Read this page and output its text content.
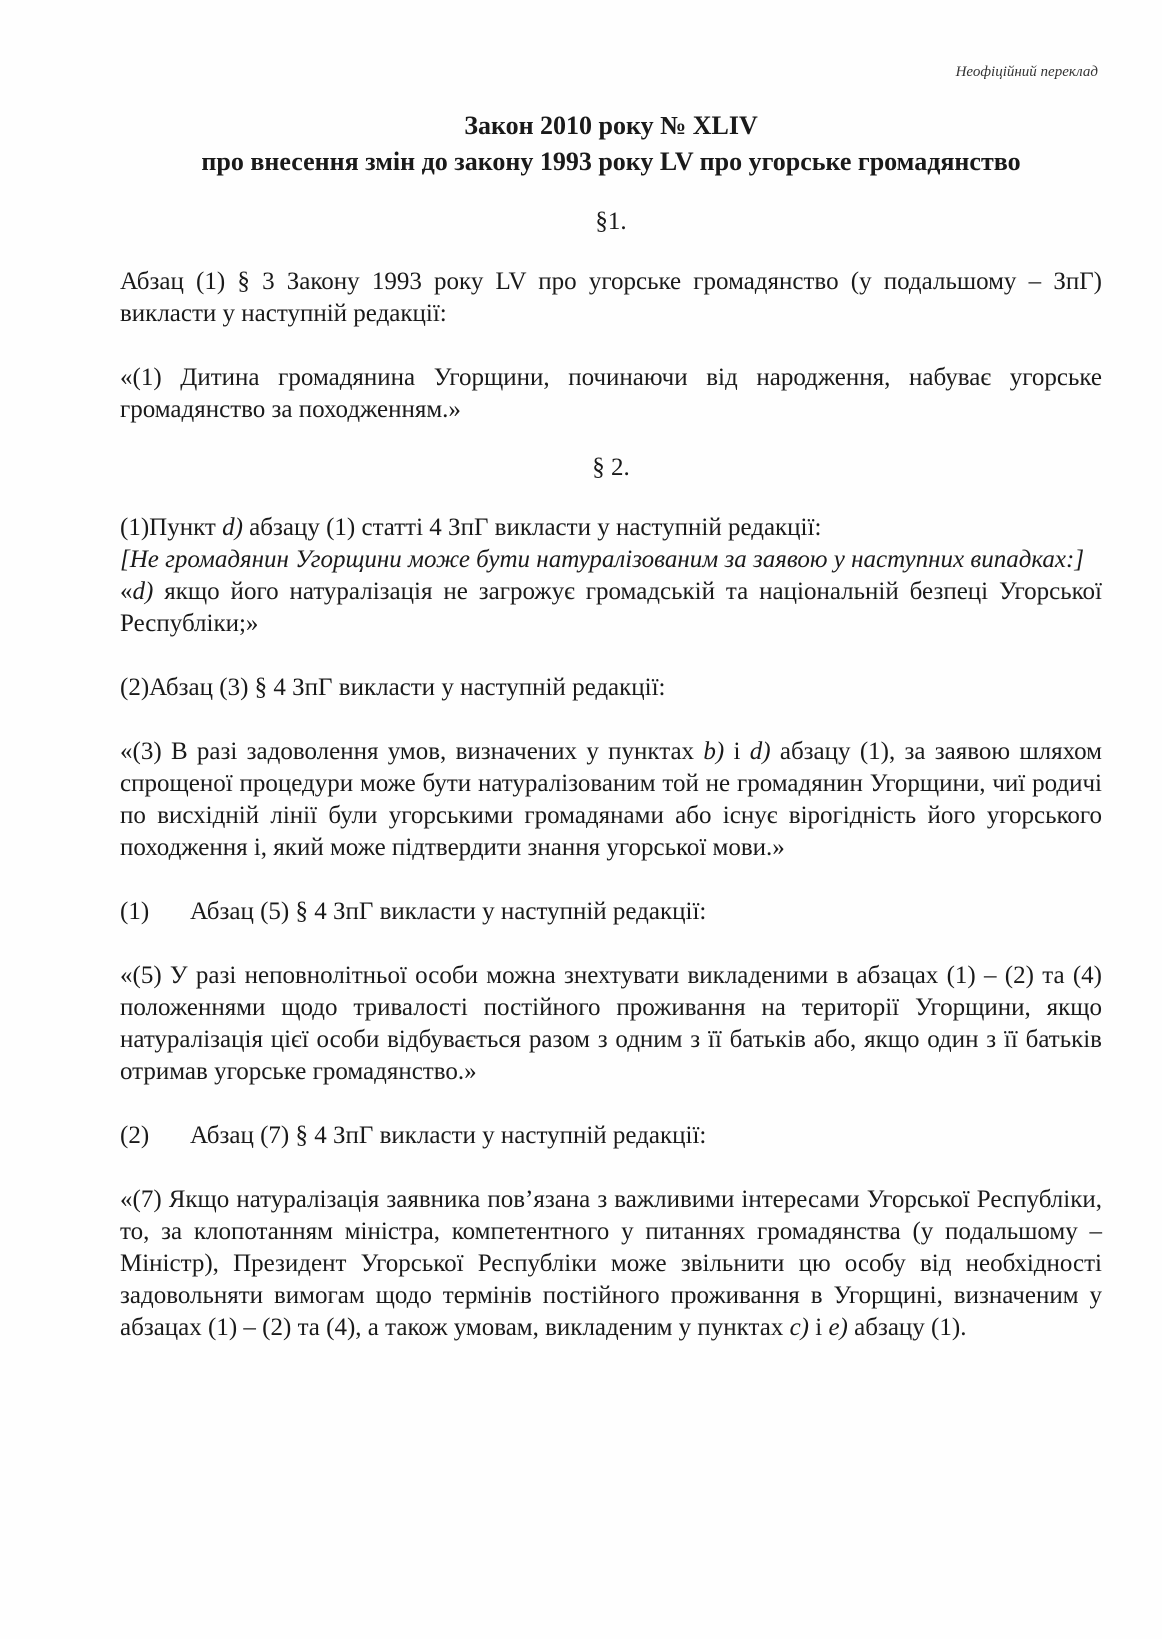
Неофіційний переклад
Закон 2010 року № XLIV
про внесення змін до закону 1993 року LV про угорське громадянство
§1.

Абзац (1) § 3 Закону 1993 року LV про угорське громадянство (у подальшому – ЗпГ) викласти у наступній редакції:

«(1) Дитина громадянина Угорщини, починаючи від народження, набуває угорське громадянство за походженням.»

§ 2.

(1)Пункт d) абзацу (1) статті 4 ЗпГ викласти у наступній редакції:

[Не громадянин Угорщини може бути натуралізованим за заявою у наступних випадках:]

«d) якщо його натуралізація не загрожує громадській та національній безпеці Угорської Республіки;»

(2)Абзац (3) § 4 ЗпГ викласти у наступній редакції:

«(3) В разі задоволення умов, визначених у пунктах b) і d) абзацу (1), за заявою шляхом спрощеної процедури може бути натуралізованим той не громадянин Угорщини, чиї родичі по висхідній лінії були угорськими громадянами або існує вірогідність його угорського походження і, який може підтвердити знання угорської мови.»

(1)	Абзац (5) § 4 ЗпГ викласти у наступній редакції:

«(5) У разі неповнолітньої особи можна знехтувати викладеними в абзацах (1) – (2) та (4) положеннями щодо тривалості постійного проживання на території Угорщини, якщо натуралізація цієї особи відбувається разом з одним з її батьків або, якщо один з її батьків отримав угорське громадянство.»

(2)	Абзац (7) § 4 ЗпГ викласти у наступній редакції:

«(7) Якщо натуралізація заявника пов’язана з важливими інтересами Угорської Республіки, то, за клопотанням міністра, компетентного у питаннях громадянства (у подальшому – Міністр), Президент Угорської Республіки може звільнити цю особу від необхідності задовольняти вимогам щодо термінів постійного проживання в Угорщині, визначеним у абзацах (1) – (2) та (4), а також умовам, викладеним у пунктах c) і e) абзацу (1).
